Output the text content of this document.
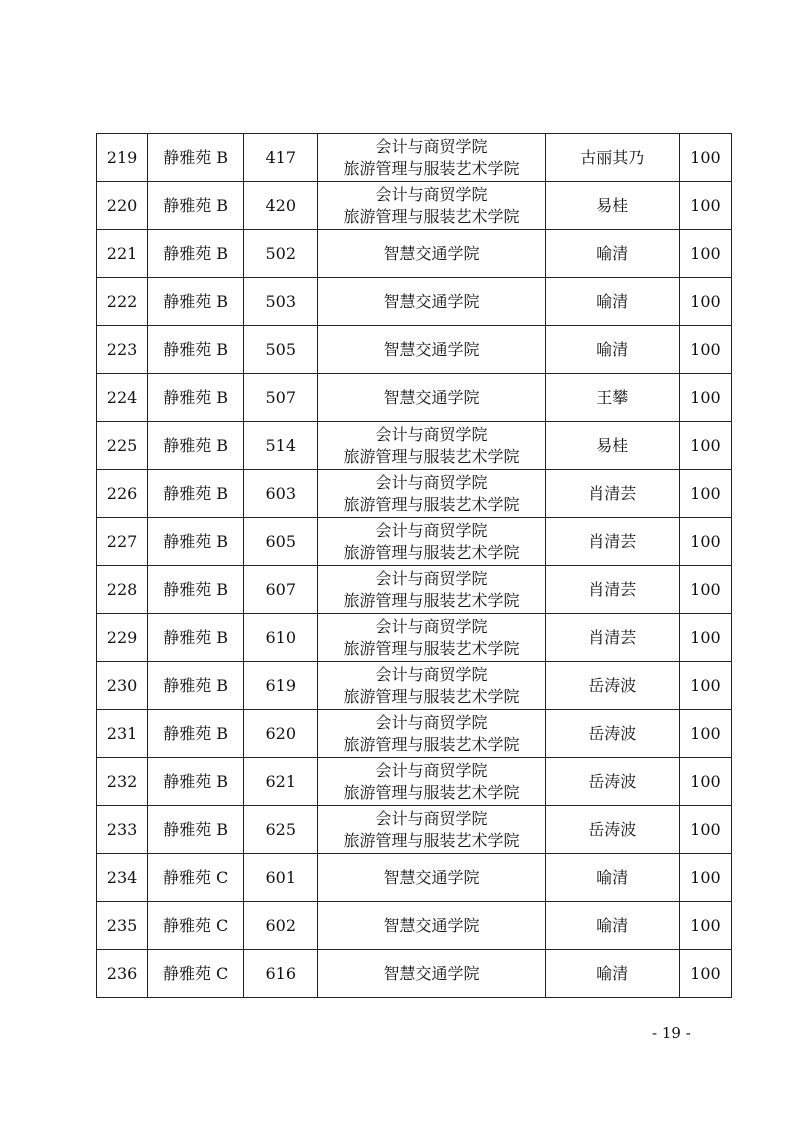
219	静雅苑 B	417	会计与商贸学院
旅游管理与服装艺术学院	古丽其乃	100
220	静雅苑 B	420	会计与商贸学院
旅游管理与服装艺术学院	易桂	100
221	静雅苑 B	502	智慧交通学院	喻清	100
222	静雅苑 B	503	智慧交通学院	喻清	100
223	静雅苑 B	505	智慧交通学院	喻清	100
224	静雅苑 B	507	智慧交通学院	王攀	100
225	静雅苑 B	514	会计与商贸学院
旅游管理与服装艺术学院	易桂	100
226	静雅苑 B	603	会计与商贸学院
旅游管理与服装艺术学院	肖清芸	100
227	静雅苑 B	605	会计与商贸学院
旅游管理与服装艺术学院	肖清芸	100
228	静雅苑 B	607	会计与商贸学院
旅游管理与服装艺术学院	肖清芸	100
229	静雅苑 B	610	会计与商贸学院
旅游管理与服装艺术学院	肖清芸	100
230	静雅苑 B	619	会计与商贸学院
旅游管理与服装艺术学院	岳涛波	100
231	静雅苑 B	620	会计与商贸学院
旅游管理与服装艺术学院	岳涛波	100
232	静雅苑 B	621	会计与商贸学院
旅游管理与服装艺术学院	岳涛波	100
233	静雅苑 B	625	会计与商贸学院
旅游管理与服装艺术学院	岳涛波	100
234	静雅苑 C	601	智慧交通学院	喻清	100
235	静雅苑 C	602	智慧交通学院	喻清	100
236	静雅苑 C	616	智慧交通学院	喻清	100
- 19 -
